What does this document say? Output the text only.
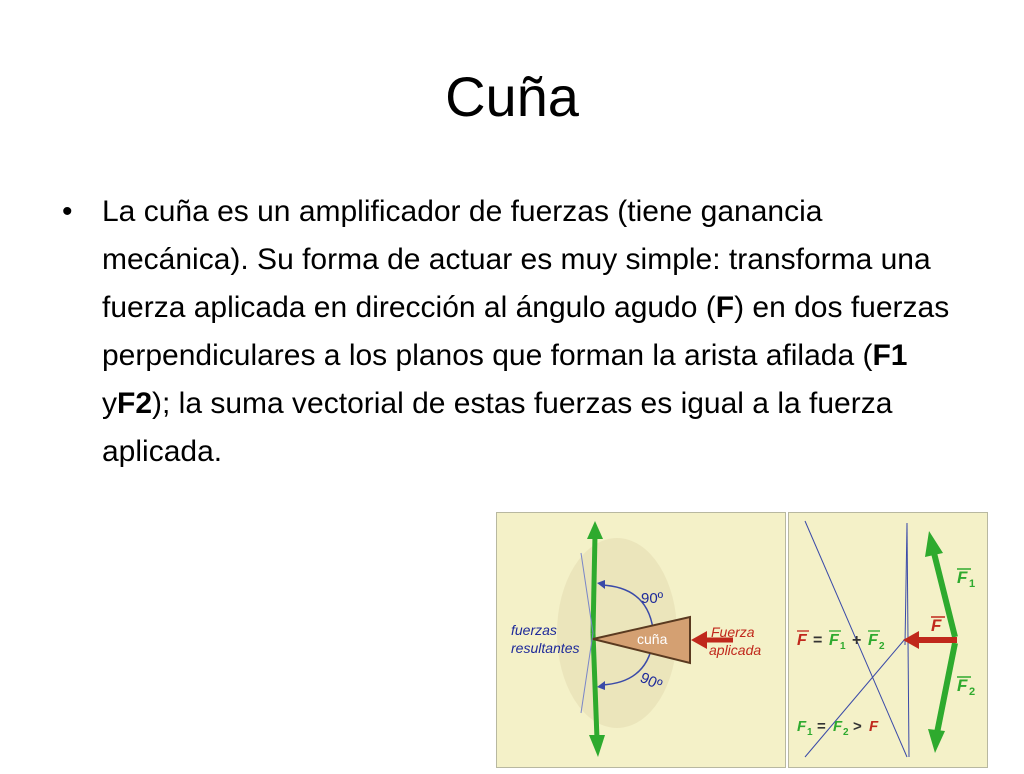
Cuña
• La cuña es un amplificador de fuerzas (tiene ganancia mecánica). Su forma de actuar es muy simple: transforma una fuerza aplicada en dirección al ángulo agudo (F) en dos fuerzas perpendiculares a los planos que forman la arista afilada (F1 yF2); la suma vectorial de estas fuerzas es igual a la fuerza aplicada.
90º
90º
cuña
fuerzas
resultantes
Fuerza
aplicada
F 1
F
F 2
F = F 1 + F 2
F 1 = F 2 > F
